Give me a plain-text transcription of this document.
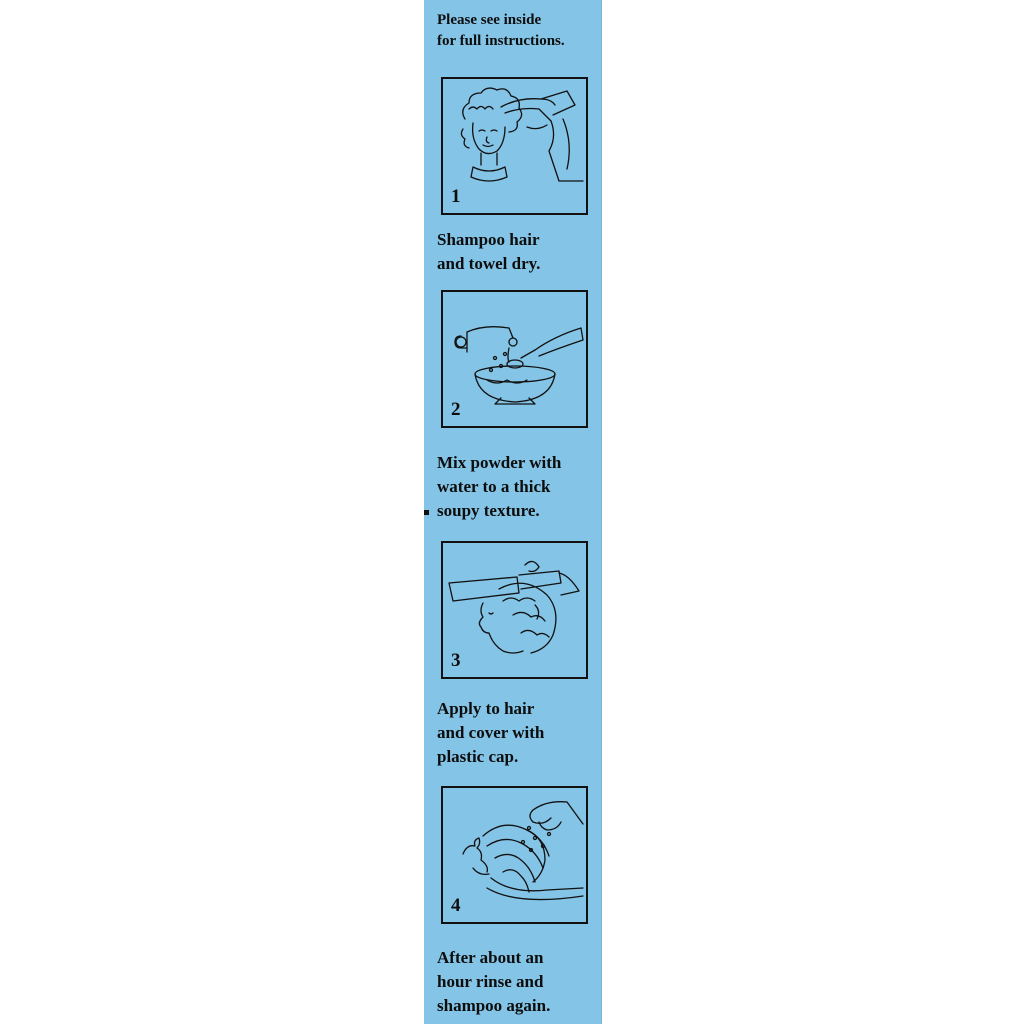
Please see inside
for full instructions.

1

Shampoo hair
and towel dry.

2

Mix powder with
water to a thick
soupy texture.

3

Apply to hair
and cover with
plastic cap.

4

After about an
hour rinse and
shampoo again.
